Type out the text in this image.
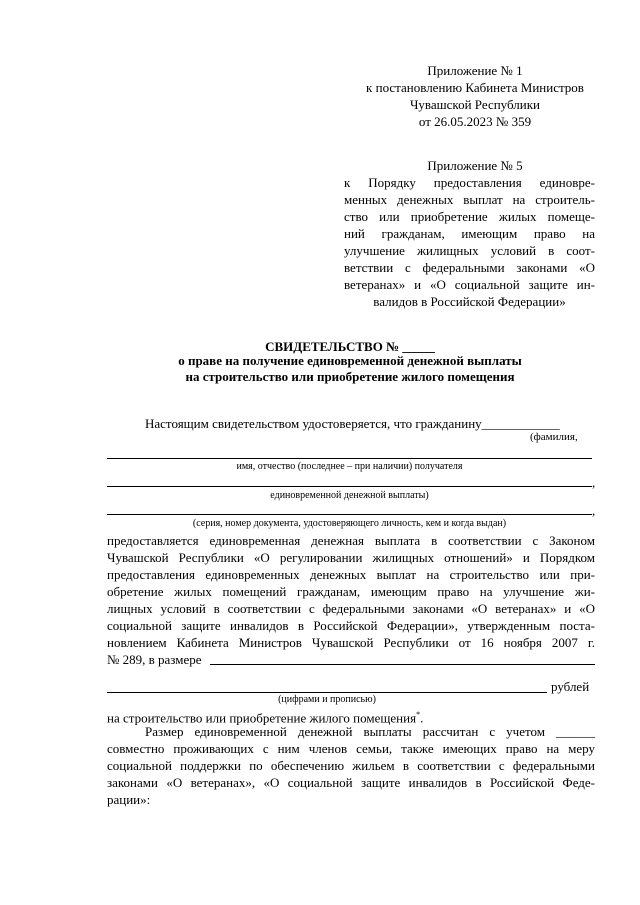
Приложение № 1
к постановлению Кабинета Министров
Чувашской Республики
от 26.05.2023 № 359
Приложение № 5
к Порядку предоставления единовре-
менных денежных выплат на строитель-
ство или приобретение жилых помеще-
ний гражданам, имеющим право на
улучшение жилищных условий в соот-
ветствии с федеральными законами «О
ветеранах» и «О социальной защите ин-
валидов в Российской Федерации»
СВИДЕТЕЛЬСТВО № _____
о праве на получение единовременной денежной выплаты
на строительство или приобретение жилого помещения
Настоящим свидетельством удостоверяется, что гражданину____________
(фамилия,
имя, отчество (последнее – при наличии) получателя
,
единовременной денежной выплаты)
,
(серия, номер документа, удостоверяющего личность, кем и когда выдан)
предоставляется единовременная денежная выплата в соответствии с Законом
Чувашской Республики «О регулировании жилищных отношений» и Порядком
предоставления единовременных денежных выплат на строительство или при-
обретение жилых помещений гражданам, имеющим право на улучшение жи-
лищных условий в соответствии с федеральными законами «О ветеранах» и «О
социальной защите инвалидов в Российской Федерации», утвержденным поста-
новлением Кабинета Министров Чувашской Республики от 16 ноября 2007 г.
№ 289, в размере
рублей
(цифрами и прописью)
на строительство или приобретение жилого помещения*.
Размер единовременной денежной выплаты рассчитан с учетом ______
совместно проживающих с ним членов семьи, также имеющих право на меру
социальной поддержки по обеспечению жильем в соответствии с федеральными
законами «О ветеранах», «О социальной защите инвалидов в Российской Феде-
рации»:
